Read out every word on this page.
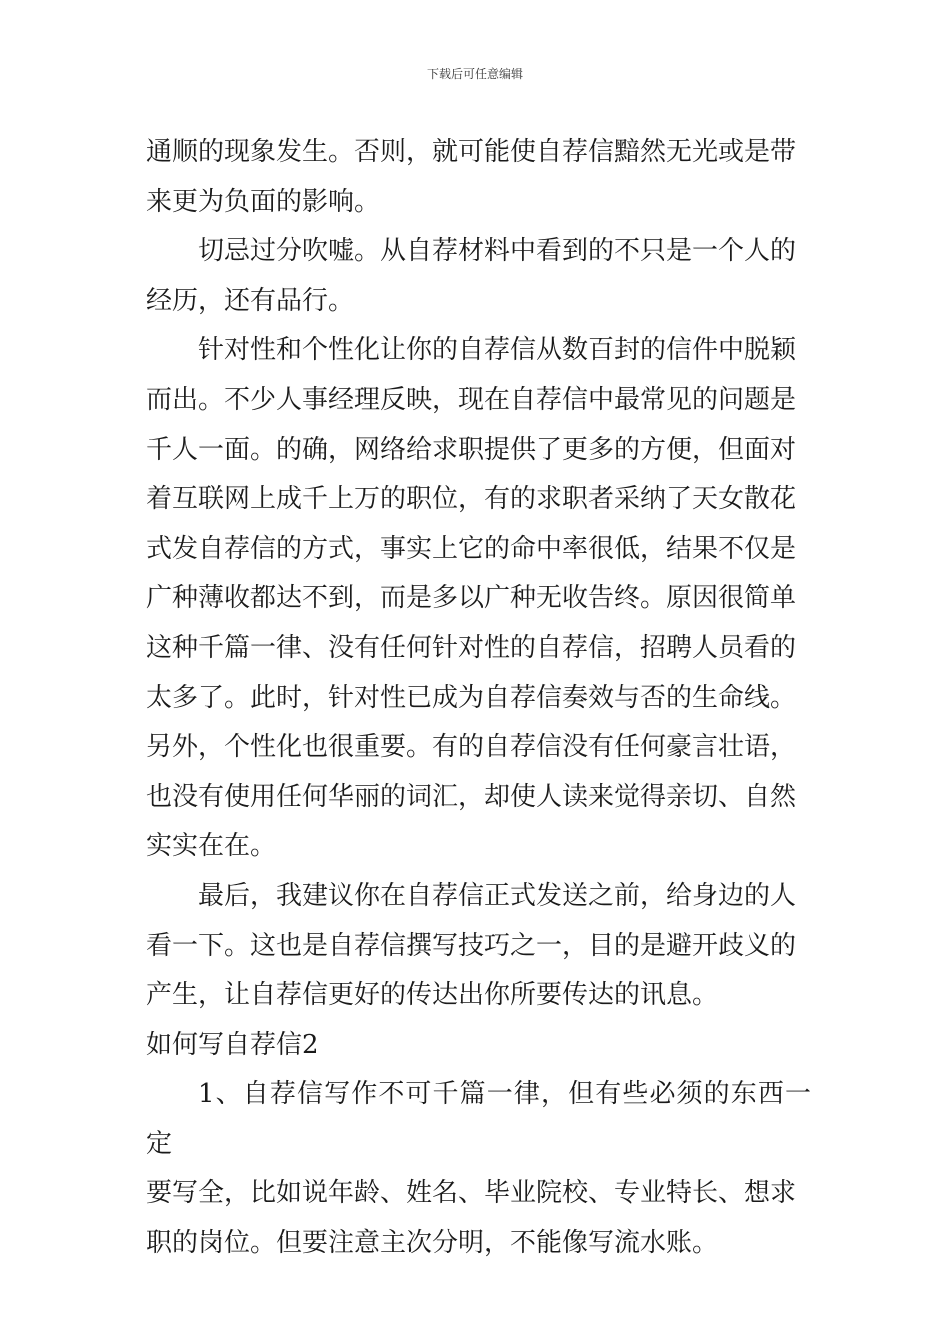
下载后可任意编辑

通顺的现象发生。否则，就可能使自荐信黯然无光或是带

来更为负面的影响。

切忌过分吹嘘。从自荐材料中看到的不只是一个人的

经历，还有品行。

针对性和个性化让你的自荐信从数百封的信件中脱颖

而出。不少人事经理反映，现在自荐信中最常见的问题是

千人一面。的确，网络给求职提供了更多的方便，但面对

着互联网上成千上万的职位，有的求职者采纳了天女散花

式发自荐信的方式，事实上它的命中率很低，结果不仅是

广种薄收都达不到，而是多以广种无收告终。原因很简单

这种千篇一律、没有任何针对性的自荐信，招聘人员看的

太多了。此时，针对性已成为自荐信奏效与否的生命线。

另外，个性化也很重要。有的自荐信没有任何豪言壮语，

也没有使用任何华丽的词汇，却使人读来觉得亲切、自然

实实在在。

最后，我建议你在自荐信正式发送之前，给身边的人

看一下。这也是自荐信撰写技巧之一，目的是避开歧义的

产生，让自荐信更好的传达出你所要传达的讯息。

如何写自荐信2

1、自荐信写作不可千篇一律，但有些必须的东西一定

要写全，比如说年龄、姓名、毕业院校、专业特长、想求

职的岗位。但要注意主次分明，不能像写流水账。
